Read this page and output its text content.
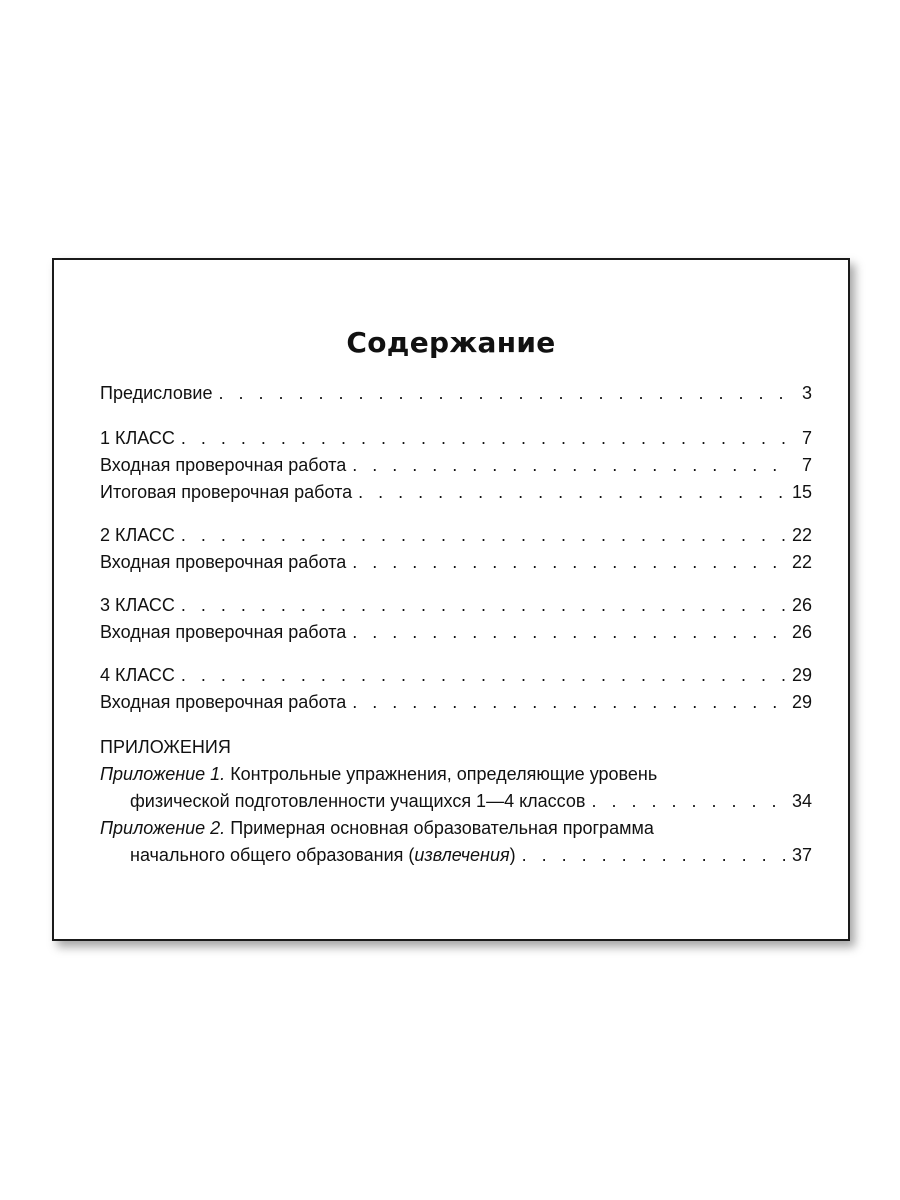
Содержание
Предисловие . . .	3
1 КЛАСС . . .	7
Входная проверочная работа . . .	7
Итоговая проверочная работа . . .	15
2 КЛАСС . . .	22
Входная проверочная работа . . .	22
3 КЛАСС . . .	26
Входная проверочная работа . . .	26
4 КЛАСС . . .	29
Входная проверочная работа . . .	29
ПРИЛОЖЕНИЯ
Приложение 1. Контрольные упражнения, определяющие уровень
физической подготовленности учащихся 1—4 классов . . .	34
Приложение 2. Примерная основная образовательная программа
начального общего образования (извлечения) . . .	37
